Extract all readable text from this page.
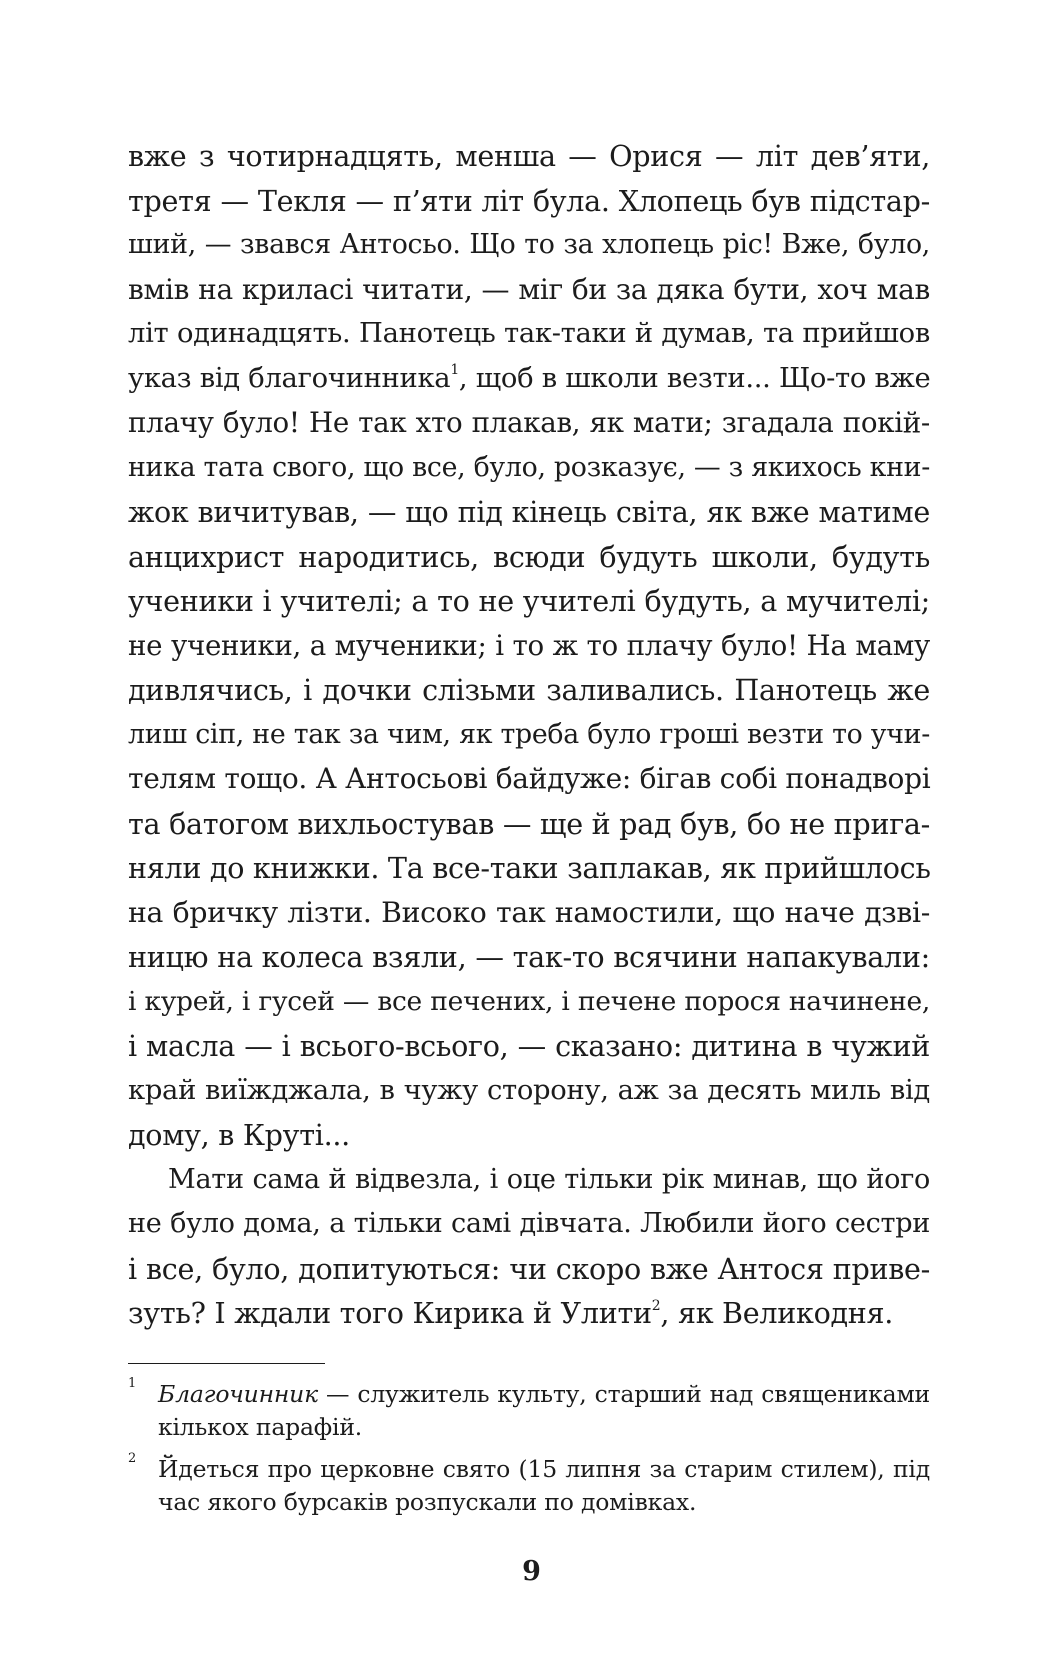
вже з чотирнадцять, менша — Орися — літ дев’яти,
третя — Текля — п’яти літ була. Хлопець був підстар-
ший, — звався Антосьо. Що то за хлопець ріс! Вже, було,
вмів на криласі читати, — міг би за дяка бути, хоч мав
літ одинадцять. Панотець так-таки й думав, та прийшов
указ від благочинника$^1$, щоб в школи везти... Що-то вже
плачу було! Не так хто плакав, як мати; згадала покій-
ника тата свого, що все, було, розказує, — з якихось кни-
жок вичитував, — що під кінець світа, як вже матиме
анцихрист народитись, всюди будуть школи, будуть
ученики і учителі; а то не учителі будуть, а мучителі;
не ученики, а мученики; і то ж то плачу було! На маму
дивлячись, і дочки слізьми заливались. Панотець же
лиш сіп, не так за чим, як треба було гроші везти то учи-
телям тощо. А Антосьові байдуже: бігав собі понадворі
та батогом вихльостував — ще й рад був, бо не прига-
няли до книжки. Та все-таки заплакав, як прийшлось
на бричку лізти. Високо так намостили, що наче дзві-
ницю на колеса взяли, — так-то всячини напакували:
і курей, і гусей — все печених, і печене порося начинене,
і масла — і всього-всього, — сказано: дитина в чужий
край виїжджала, в чужу сторону, аж за десять миль від
дому, в Круті...
Мати сама й відвезла, і оце тільки рік минав, що його
не було дома, а тільки самі дівчата. Любили його сестри
і все, було, допитуються: чи скоро вже Антося приве-
зуть? І ждали того Кирика й Улити$^2$, як Великодня.
1 Благочинник — служитель культу, старший над священиками
кількох парафій.
2 Йдеться про церковне свято (15 липня за старим стилем), під
час якого бурсаків розпускали по домівках.
9
